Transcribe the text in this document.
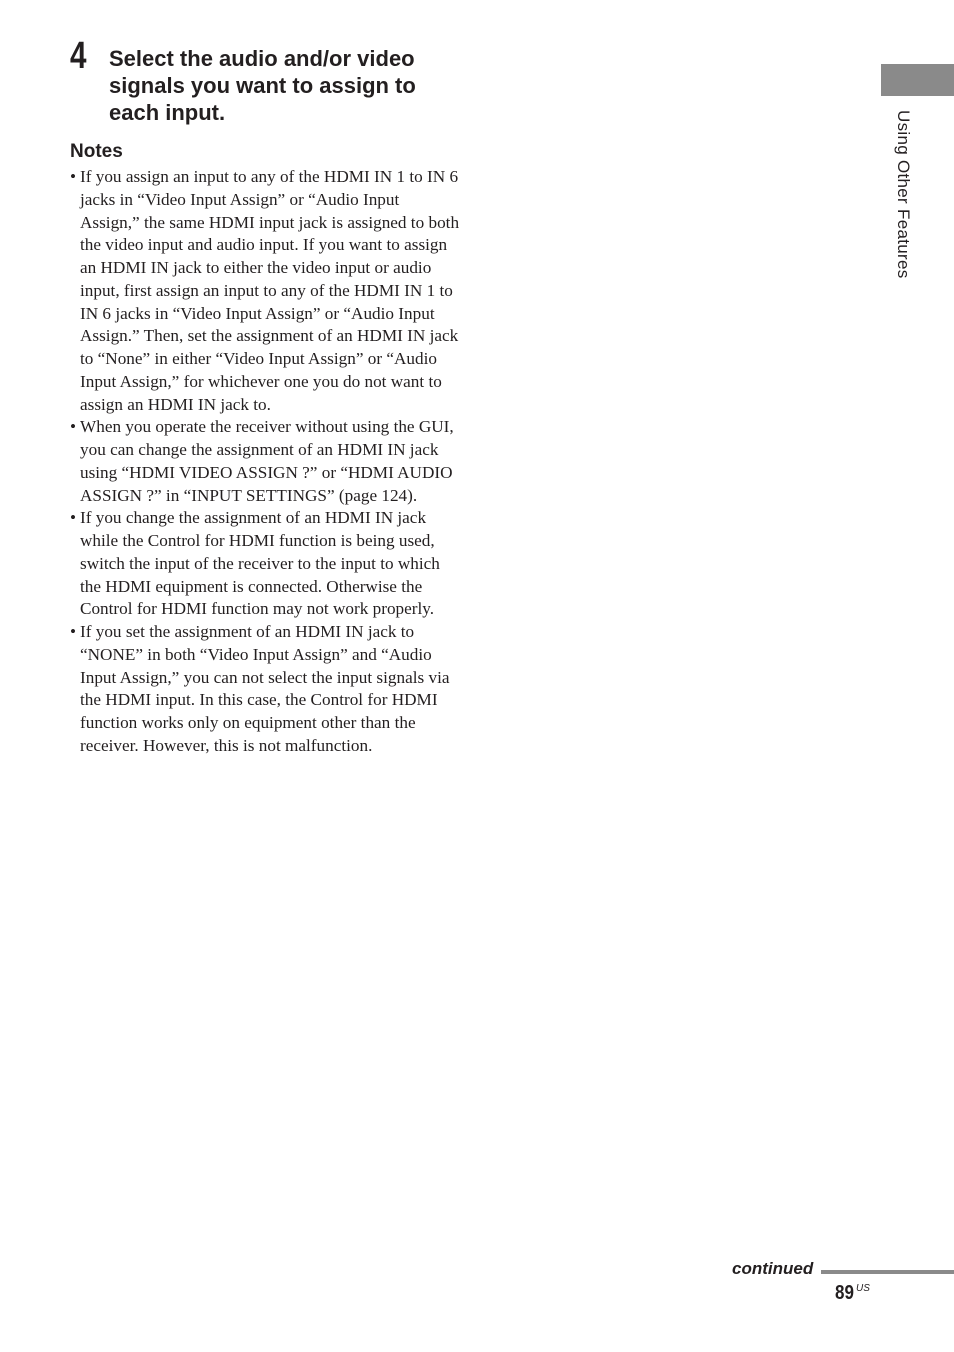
4 Select the audio and/or video signals you want to assign to each input.
Notes
• If you assign an input to any of the HDMI IN 1 to IN 6 jacks in “Video Input Assign” or “Audio Input Assign,” the same HDMI input jack is assigned to both the video input and audio input. If you want to assign an HDMI IN jack to either the video input or audio input, first assign an input to any of the HDMI IN 1 to IN 6 jacks in “Video Input Assign” or “Audio Input Assign.” Then, set the assignment of an HDMI IN jack to “None” in either “Video Input Assign” or “Audio Input Assign,” for whichever one you do not want to assign an HDMI IN jack to.
• When you operate the receiver without using the GUI, you can change the assignment of an HDMI IN jack using “HDMI VIDEO ASSIGN ?” or “HDMI AUDIO ASSIGN ?” in “INPUT SETTINGS” (page 124).
• If you change the assignment of an HDMI IN jack while the Control for HDMI function is being used, switch the input of the receiver to the input to which the HDMI equipment is connected. Otherwise the Control for HDMI function may not work properly.
• If you set the assignment of an HDMI IN jack to “NONE” in both “Video Input Assign” and “Audio Input Assign,” you can not select the input signals via the HDMI input. In this case, the Control for HDMI function works only on equipment other than the receiver. However, this is not malfunction.
Using Other Features
continued
89 US
